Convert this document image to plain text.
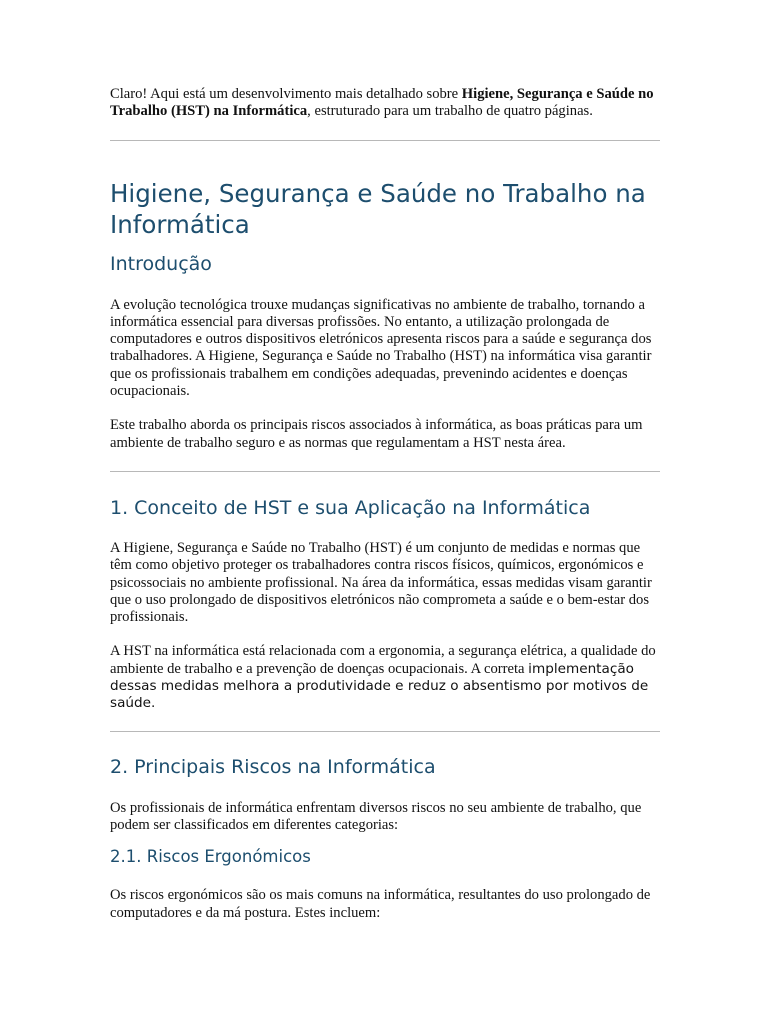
Claro! Aqui está um desenvolvimento mais detalhado sobre Higiene, Segurança e Saúde no Trabalho (HST) na Informática, estruturado para um trabalho de quatro páginas.

Higiene, Segurança e Saúde no Trabalho na Informática
Introdução

A evolução tecnológica trouxe mudanças significativas no ambiente de trabalho, tornando a informática essencial para diversas profissões. No entanto, a utilização prolongada de computadores e outros dispositivos eletrónicos apresenta riscos para a saúde e segurança dos trabalhadores. A Higiene, Segurança e Saúde no Trabalho (HST) na informática visa garantir que os profissionais trabalhem em condições adequadas, prevenindo acidentes e doenças ocupacionais.

Este trabalho aborda os principais riscos associados à informática, as boas práticas para um ambiente de trabalho seguro e as normas que regulamentam a HST nesta área.

1. Conceito de HST e sua Aplicação na Informática

A Higiene, Segurança e Saúde no Trabalho (HST) é um conjunto de medidas e normas que têm como objetivo proteger os trabalhadores contra riscos físicos, químicos, ergonómicos e psicossociais no ambiente profissional. Na área da informática, essas medidas visam garantir que o uso prolongado de dispositivos eletrónicos não comprometa a saúde e o bem-estar dos profissionais.

A HST na informática está relacionada com a ergonomia, a segurança elétrica, a qualidade do ambiente de trabalho e a prevenção de doenças ocupacionais. A correta implementação dessas medidas melhora a produtividade e reduz o absentismo por motivos de saúde.

2. Principais Riscos na Informática

Os profissionais de informática enfrentam diversos riscos no seu ambiente de trabalho, que podem ser classificados em diferentes categorias:

2.1. Riscos Ergonómicos

Os riscos ergonómicos são os mais comuns na informática, resultantes do uso prolongado de computadores e da má postura. Estes incluem:
